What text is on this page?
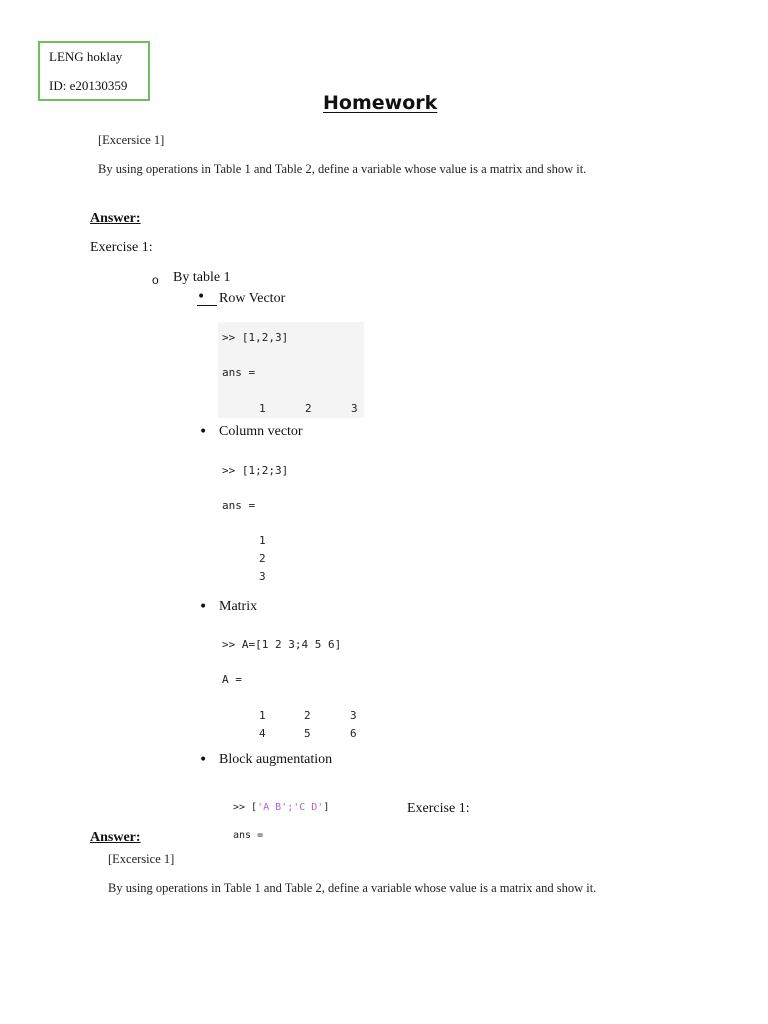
LENG hoklay
ID: e20130359
Homework
[Excersice 1]
By using operations in Table 1 and Table 2, define a variable whose value is a matrix and show it.
Answer:
Exercise 1:
o By table 1
• Row Vector
>> [1,2,3]
ans =
1	2	3
• Column vector
>> [1;2;3]
ans =
1
2
3
• Matrix
>> A=[1 2 3;4 5 6]
A =
1	2	3
4	5	6
• Block augmentation
>> ['A B';'C D']
ans =
Exercise 1:
Answer:
[Excersice 1]
By using operations in Table 1 and Table 2, define a variable whose value is a matrix and show it.
